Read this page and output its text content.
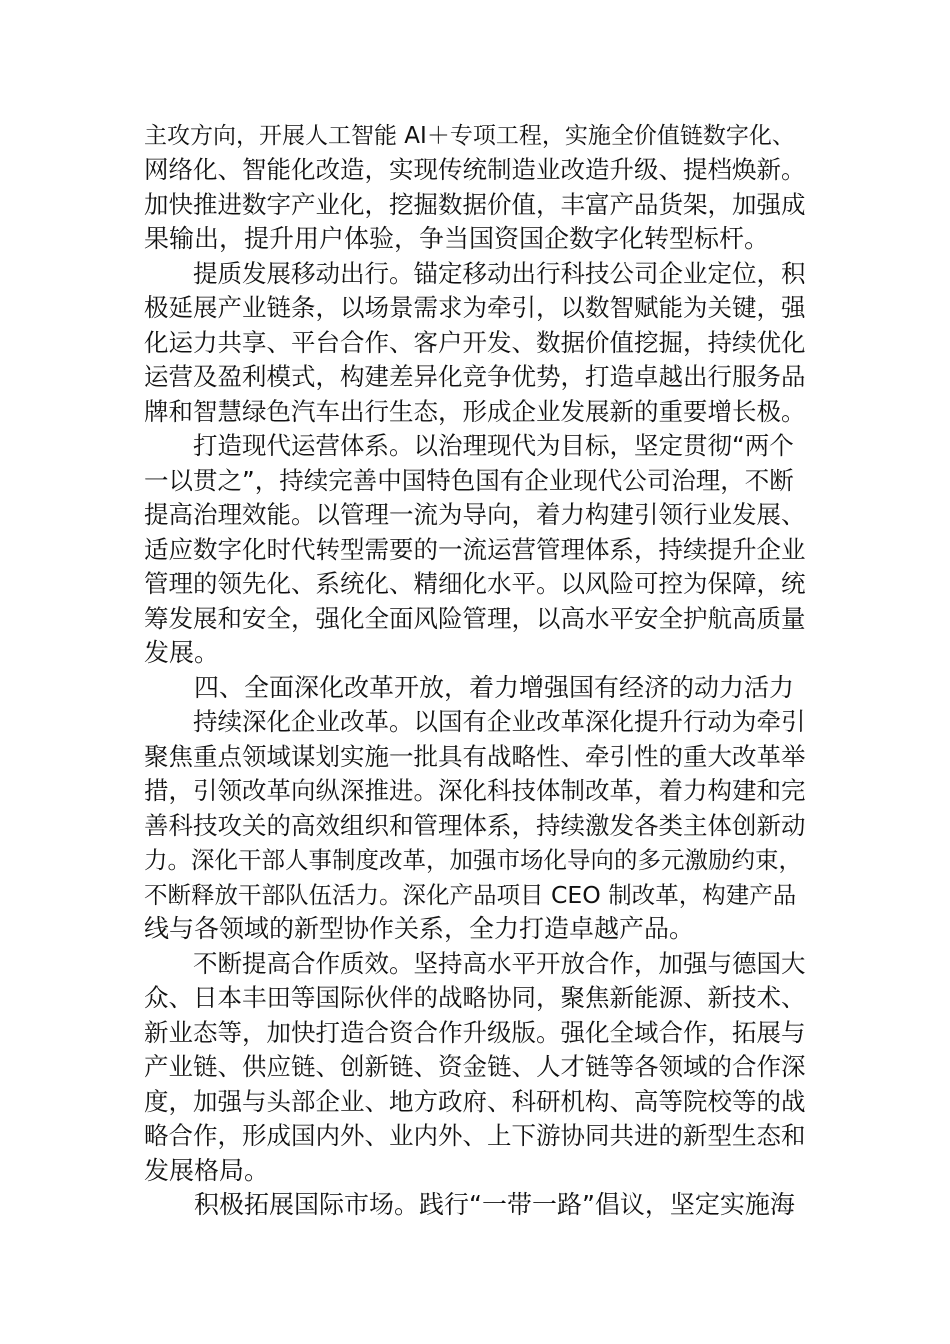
主攻方向，开展人工智能 AI＋专项工程，实施全价值链数字化、
网络化、智能化改造，实现传统制造业改造升级、提档焕新。
加快推进数字产业化，挖掘数据价值，丰富产品货架，加强成
果输出，提升用户体验，争当国资国企数字化转型标杆。
　　提质发展移动出行。锚定移动出行科技公司企业定位，积
极延展产业链条，以场景需求为牵引，以数智赋能为关键，强
化运力共享、平台合作、客户开发、数据价值挖掘，持续优化
运营及盈利模式，构建差异化竞争优势，打造卓越出行服务品
牌和智慧绿色汽车出行生态，形成企业发展新的重要增长极。
　　打造现代运营体系。以治理现代为目标，坚定贯彻“两个
一以贯之”，持续完善中国特色国有企业现代公司治理，不断
提高治理效能。以管理一流为导向，着力构建引领行业发展、
适应数字化时代转型需要的一流运营管理体系，持续提升企业
管理的领先化、系统化、精细化水平。以风险可控为保障，统
筹发展和安全，强化全面风险管理，以高水平安全护航高质量
发展。
　　四、全面深化改革开放，着力增强国有经济的动力活力
　　持续深化企业改革。以国有企业改革深化提升行动为牵引
聚焦重点领域谋划实施一批具有战略性、牵引性的重大改革举
措，引领改革向纵深推进。深化科技体制改革，着力构建和完
善科技攻关的高效组织和管理体系，持续激发各类主体创新动
力。深化干部人事制度改革，加强市场化导向的多元激励约束，
不断释放干部队伍活力。深化产品项目 CEO 制改革，构建产品
线与各领域的新型协作关系，全力打造卓越产品。
　　不断提高合作质效。坚持高水平开放合作，加强与德国大
众、日本丰田等国际伙伴的战略协同，聚焦新能源、新技术、
新业态等，加快打造合资合作升级版。强化全域合作，拓展与
产业链、供应链、创新链、资金链、人才链等各领域的合作深
度，加强与头部企业、地方政府、科研机构、高等院校等的战
略合作，形成国内外、业内外、上下游协同共进的新型生态和
发展格局。
　　积极拓展国际市场。践行“一带一路”倡议，坚定实施海
